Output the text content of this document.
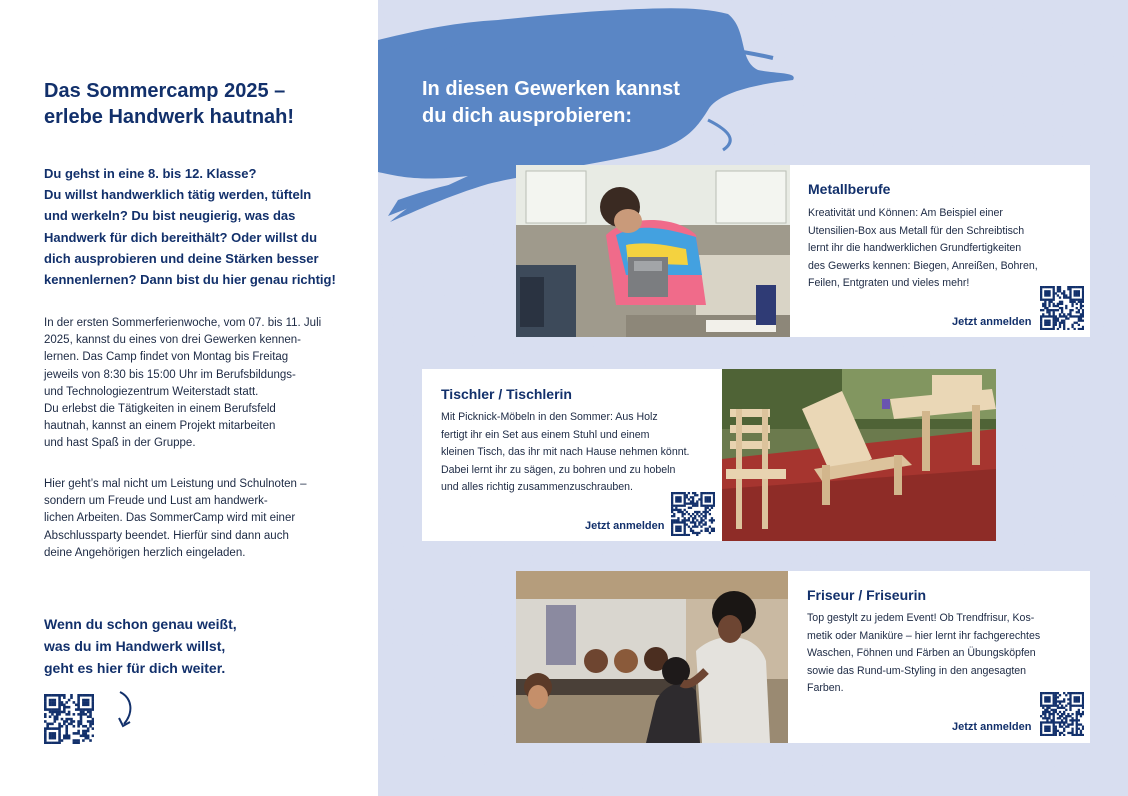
Das Sommercamp 2025 –
erlebe Handwerk hautnah!
Du gehst in eine 8. bis 12. Klasse?
Du willst handwerklich tätig werden, tüfteln
und werkeln? Du bist neugierig, was das
Handwerk für dich bereithält? Oder willst du
dich ausprobieren und deine Stärken besser
kennenlernen? Dann bist du hier genau richtig!
In der ersten Sommerferienwoche, vom 07. bis 11. Juli
2025, kannst du eines von drei Gewerken kennen-
lernen. Das Camp findet von Montag bis Freitag
jeweils von 8:30 bis 15:00 Uhr im Berufsbildungs-
und Technologiezentrum Weiterstadt statt.
Du erlebst die Tätigkeiten in einem Berufsfeld
hautnah, kannst an einem Projekt mitarbeiten
und hast Spaß in der Gruppe.
Hier geht’s mal nicht um Leistung und Schulnoten –
sondern um Freude und Lust am handwerk-
lichen Arbeiten. Das SommerCamp wird mit einer
Abschlussparty beendet. Hierfür sind dann auch
deine Angehörigen herzlich eingeladen.
Wenn du schon genau weißt,
was du im Handwerk willst,
geht es hier für dich weiter.
In diesen Gewerken kannst
du dich ausprobieren:
Metallberufe
Kreativität und Können: Am Beispiel einer
Utensilien-Box aus Metall für den Schreibtisch
lernt ihr die handwerklichen Grundfertigkeiten
des Gewerks kennen: Biegen, Anreißen, Bohren,
Feilen, Entgraten und vieles mehr!
Jetzt anmelden
Tischler / Tischlerin
Mit Picknick-Möbeln in den Sommer: Aus Holz
fertigt ihr ein Set aus einem Stuhl und einem
kleinen Tisch, das ihr mit nach Hause nehmen könnt.
Dabei lernt ihr zu sägen, zu bohren und zu hobeln
und alles richtig zusammenzuschrauben.
Jetzt anmelden
Friseur / Friseurin
Top gestylt zu jedem Event! Ob Trendfrisur, Kos-
metik oder Maniküre – hier lernt ihr fachgerechtes
Waschen, Föhnen und Färben an Übungsköpfen
sowie das Rund-um-Styling in den angesagten
Farben.
Jetzt anmelden
